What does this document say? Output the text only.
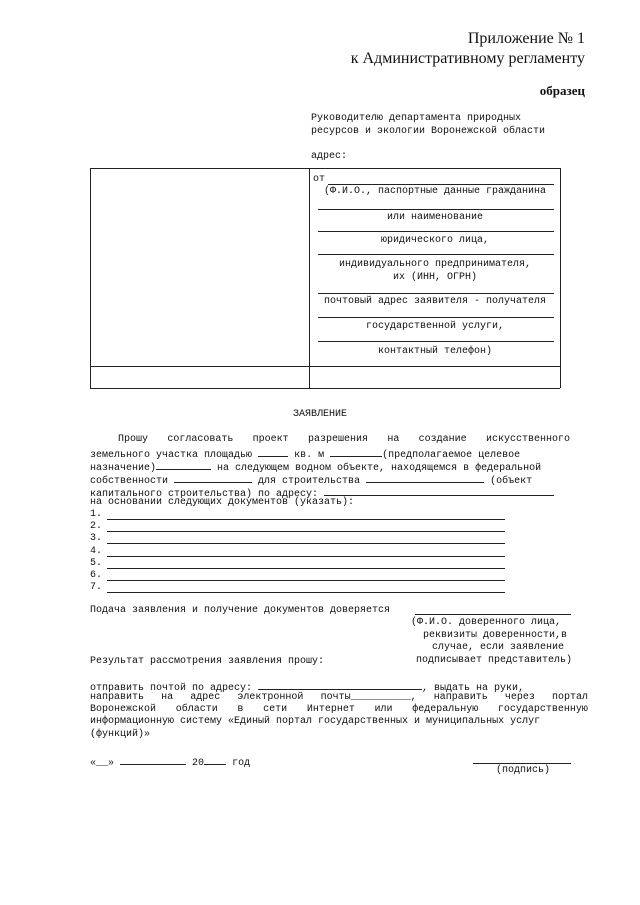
Приложение № 1
к Административному регламенту
образец
Руководителю департамента природных
ресурсов и экологии Воронежской области
адрес:
от
(Ф.И.О., паспортные данные гражданина
или наименование
юридического лица,
индивидуального предпринимателя,
их (ИНН, ОГРН)
почтовый адрес заявителя - получателя
государственной услуги,
контактный телефон)
ЗАЯВЛЕНИЕ
Прошу согласовать проект разрешения на создание искусственного
земельного участка площадью	кв. м	(предполагаемое целевое
назначение)	на следующем водном объекте, находящемся в федеральной
собственности	для строительства	(объект
капитального строительства) по адресу:
на основании следующих документов (указать):
1.
2.
3.
4.
5.
6.
7.
Подача заявления и получение документов доверяется
(Ф.И.О. доверенного лица,
реквизиты доверенности,в
случае, если заявление
подписывает представитель)
Результат рассмотрения заявления прошу:
отправить почтой по адресу:	, выдать на руки,
направить на адрес электронной почты__________, направить через портал
Воронежской области в сети Интернет или федеральную государственную
информационную систему «Единый портал государственных и муниципальных услуг
(функций)»
«__»	20	год
(подпись)
